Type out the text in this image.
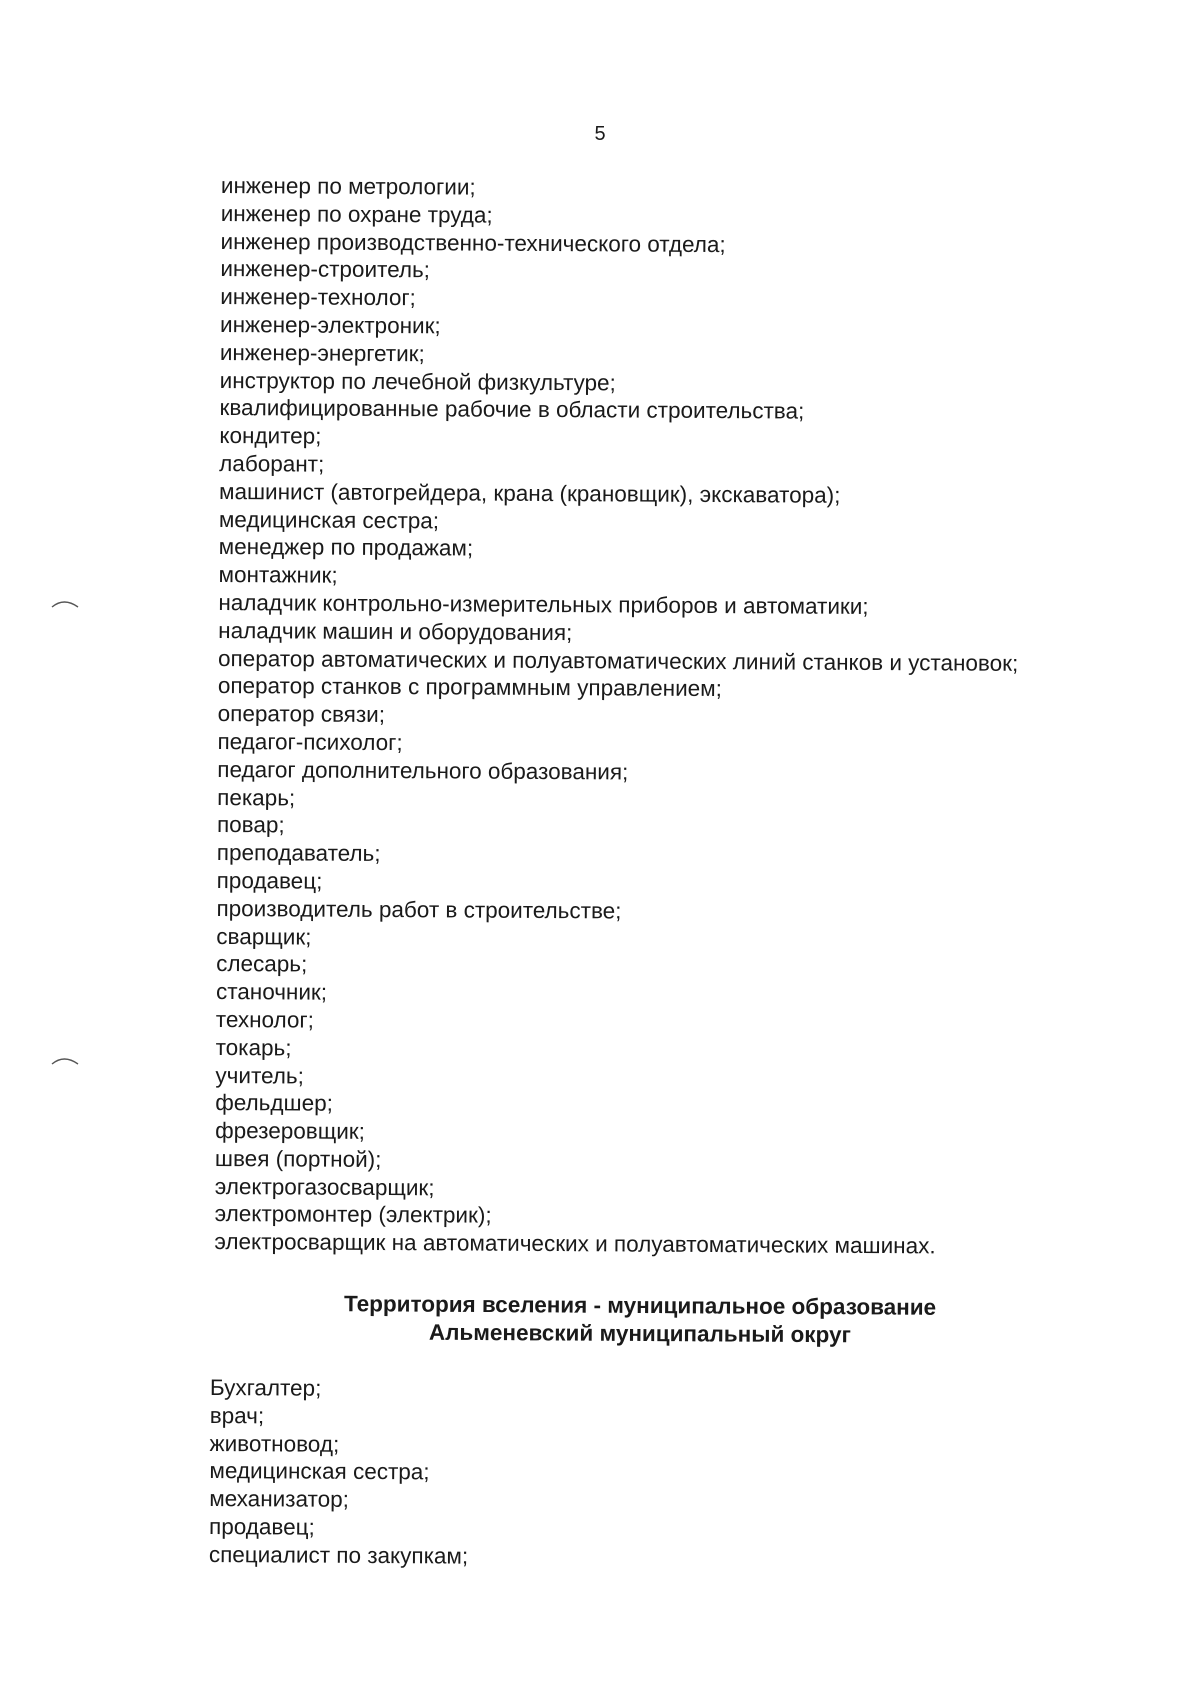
5
инженер по метрологии;
инженер по охране труда;
инженер производственно-технического отдела;
инженер-строитель;
инженер-технолог;
инженер-электроник;
инженер-энергетик;
инструктор по лечебной физкультуре;
квалифицированные рабочие в области строительства;
кондитер;
лаборант;
машинист (автогрейдера, крана (крановщик), экскаватора);
медицинская сестра;
менеджер по продажам;
монтажник;
наладчик контрольно-измерительных приборов и автоматики;
наладчик машин и оборудования;
оператор автоматических и полуавтоматических линий станков и установок;
оператор станков с программным управлением;
оператор связи;
педагог-психолог;
педагог дополнительного образования;
пекарь;
повар;
преподаватель;
продавец;
производитель работ в строительстве;
сварщик;
слесарь;
станочник;
технолог;
токарь;
учитель;
фельдшер;
фрезеровщик;
швея (портной);
электрогазосварщик;
электромонтер (электрик);
электросварщик на автоматических и полуавтоматических машинах.
Территория вселения - муниципальное образование
Альменевский муниципальный округ
Бухгалтер;
врач;
животновод;
медицинская сестра;
механизатор;
продавец;
специалист по закупкам;
